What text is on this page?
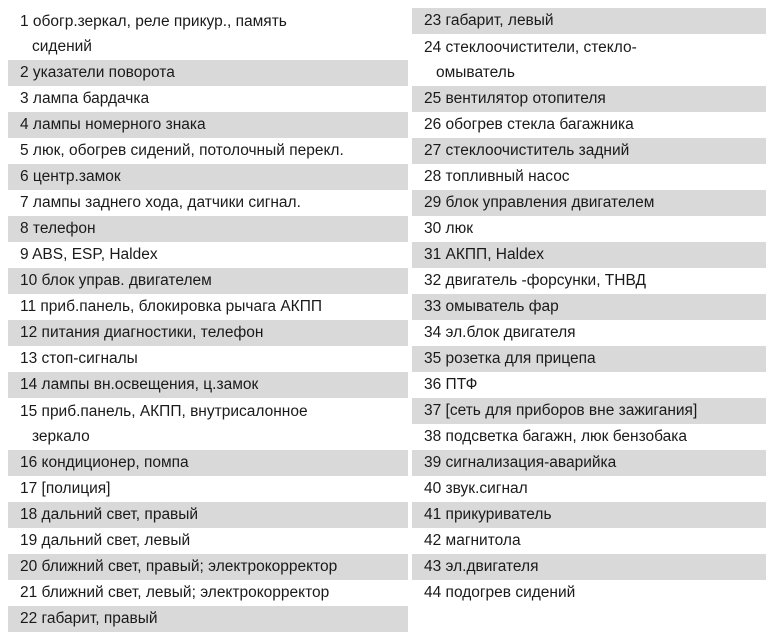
1 обогр.зеркал, реле прикур., память
сидений
2 указатели поворота
3 лампа бардачка
4 лампы номерного знака
5 люк, обогрев сидений, потолочный перекл.
6 центр.замок
7 лампы заднего хода, датчики сигнал.
8 телефон
9 ABS, ESP, Haldex
10 блок управ. двигателем
11 приб.панель, блокировка рычага АКПП
12 питания диагностики, телефон
13 стоп-сигналы
14 лампы вн.освещения, ц.замок
15 приб.панель, АКПП, внутрисалонное
зеркало
16 кондиционер, помпа
17 [полиция]
18 дальний свет, правый
19 дальний свет, левый
20 ближний свет, правый; электрокорректор
21 ближний свет, левый; электрокорректор
22 габарит, правый
23 габарит, левый
24 стеклоочистители, стекло-
омыватель
25 вентилятор отопителя
26 обогрев стекла багажника
27 стеклоочиститель задний
28 топливный насос
29 блок управления двигателем
30 люк
31 АКПП, Haldex
32 двигатель -форсунки, ТНВД
33 омыватель фар
34 эл.блок двигателя
35 розетка для прицепа
36 ПТФ
37 [сеть для приборов вне зажигания]
38 подсветка багажн, люк бензобака
39 сигнализация-аварийка
40 звук.сигнал
41 прикуриватель
42 магнитола
43 эл.двигателя
44 подогрев сидений
